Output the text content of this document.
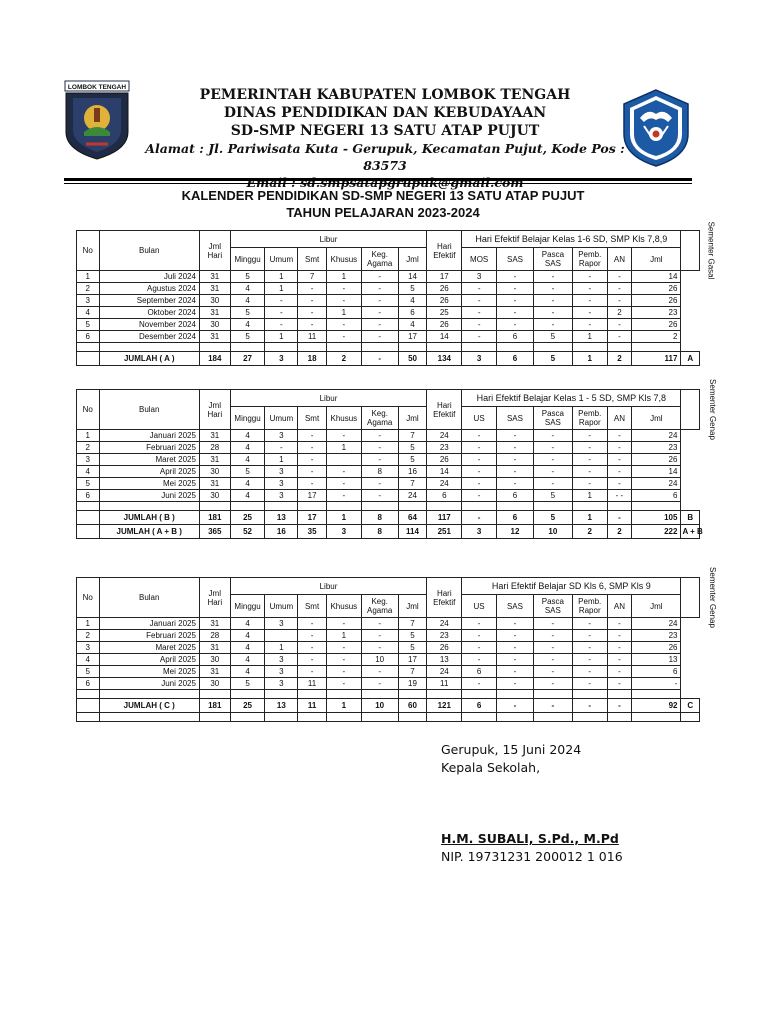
LOMBOK TENGAH	PEMERINTAH KABUPATEN LOMBOK TENGAH
DINAS PENDIDIKAN DAN KEBUDAYAAN
SD-SMP NEGERI 13 SATU ATAP PUJUT
Alamat : Jl. Pariwisata Kuta - Gerupuk, Kecamatan Pujut, Kode Pos : 83573
KALENDER PENDIDIKAN SD-SMP NEGERI 13 SATU ATAP PUJUT
TAHUN PELAJARAN 2023-2024
No	Bulan	Jml
Hari	Libur						Hari
Efektif	Hari Efektif Belajar Kelas 1-6 SD, SMP Kls 7,8,9						Sementer Gasal
			Minggu	Umum	Smt	Khusus	Keg. Agama	Jml		MOS	SAS	Pasca SAS	Pemb. Rapor	AN	Jml	
1	Juli 2024	31	5	1	7	1	-	14	17	3	-	-	-	-	14	
2	Agustus 2024	31	4	1	-	-	-	5	26	-	-	-	-	-	26	
3	September 2024	30	4	-	-	-	-	4	26	-	-	-	-	-	26	
4	Oktober 2024	31	5	-	-	1	-	6	25	-	-	-	-	2	23	
5	November 2024	30	4	-	-	-	-	4	26	-	-	-	-	-	26	
6	Desember 2024	31	5	1	11	-	-	17	14	-	6	5	1	-	2	

	JUMLAH ( A )	184	27	3	18	2	-	50	134	3	6	5	1	2	117	A
No	Bulan	Jml
Hari	Libur						Hari
Efektif	Hari Efektif Belajar Kelas 1 - 5 SD, SMP Kls 7,8						Sementer Genap
			Minggu	Umum	Smt	Khusus	Keg. Agama	Jml		US	SAS	Pasca SAS	Pemb. Rapor	AN	Jml	
1	Januari 2025	31	4	3	-	-	-	7	24	-	-	-	-	-	24	
2	Februari 2025	28	4	-	-	1	-	5	23	-	-	-	-	-	23	
3	Maret 2025	31	4	1	-		-	5	26	-	-	-	-	-	26	
4	April 2025	30	5	3	-	-	8	16	14	-	-	-	-	-	14	
5	Mei 2025	31	4	3	-	-	-	7	24	-	-	-	-	-	24	
6	Juni 2025	30	4	3	17	-	-	24	6	-	6	5	1	- -	6	

	JUMLAH ( B )	181	25	13	17	1	8	64	117	-	6	5	1	-	105	B
	JUMLAH ( A + B )	365	52	16	35	3	8	114	251	3	12	10	2	2	222	A + B
No	Bulan	Jml
Hari	Libur						Hari
Efektif	Hari Efektif Belajar SD Kls 6, SMP Kls 9						Sementer Genap
			Minggu	Umum	Smt	Khusus	Keg. Agama	Jml		US	SAS	Pasca SAS	Pemb. Rapor	AN	Jml	
1	Januari 2025	31	4	3	-	-	-	7	24	-	-	-	-	-	24	
2	Februari 2025	28	4		-	1	-	5	23	-	-	-	-	-	23	
3	Maret 2025	31	4	1	-	-	-	5	26	-	-	-	-	-	26	
4	April 2025	30	4	3	-	-	10	17	13	-	-	-	-	-	13	
5	Mei 2025	31	4	3	-	-	-	7	24	6	-	-	-	-	6	
6	Juni 2025	30	5	3	11	-	-	19	11	-	-	-	-	-	-	

	JUMLAH ( C )	181	25	13	11	1	10	60	121	6	-	-	-	-	92	C

Gerupuk, 15 Juni 2024
Kepala Sekolah,
H.M. SUBALI, S.Pd., M.Pd
NIP. 19731231 200012 1 016
